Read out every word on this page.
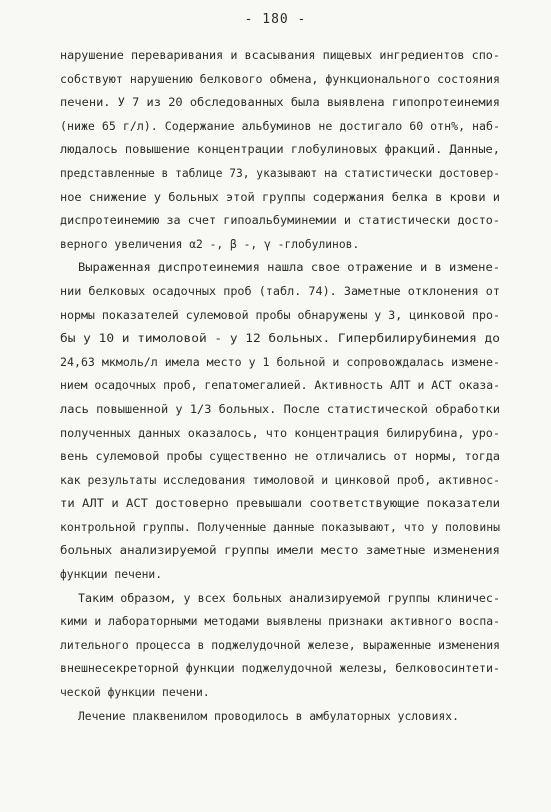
- 180 -
нарушение переваривания и всасывания пищевых ингредиентов спо-
собствуют нарушению белкового обмена, функционального состояния
печени. У 7 из 20 обследованных была выявлена гипопротеинемия
(ниже 65 г/л). Содержание альбуминов не достигало 60 отн%, наб-
людалось повышение концентрации глобулиновых фракций. Данные,
представленные в таблице 73, указывают на статистически достовер-
ное снижение у больных этой группы содержания белка в крови и
диспротеинемию за счет гипоальбуминемии и статистически досто-
верного увеличения α2 -, β -, γ -глобулинов.
Выраженная диспротеинемия нашла свое отражение и в измене-
нии белковых осадочных проб (табл. 74). Заметные отклонения от
нормы показателей сулемовой пробы обнаружены у 3, цинковой про-
бы у 10 и тимоловой - у 12 больных. Гипербилирубинемия до
24,63 мкмоль/л имела место у 1 больной и сопровождалась измене-
нием осадочных проб, гепатомегалией. Активность АЛТ и АСТ оказа-
лась повышенной у 1/3 больных. После статистической обработки
полученных данных оказалось, что концентрация билирубина, уро-
вень сулемовой пробы существенно не отличались от нормы, тогда
как результаты исследования тимоловой и цинковой проб, активнос-
ти АЛТ и АСТ достоверно превышали соответствующие показатели
контрольной группы. Полученные данные показывают, что у половины
больных анализируемой группы имели место заметные изменения
функции печени.
Таким образом, у всех больных анализируемой группы клиничес-
кими и лабораторными методами выявлены признаки активного воспа-
лительного процесса в поджелудочной железе, выраженные изменения
внешнесекреторной функции поджелудочной железы, белковосинтети-
ческой функции печени.
Лечение плаквенилом проводилось в амбулаторных условиях.
